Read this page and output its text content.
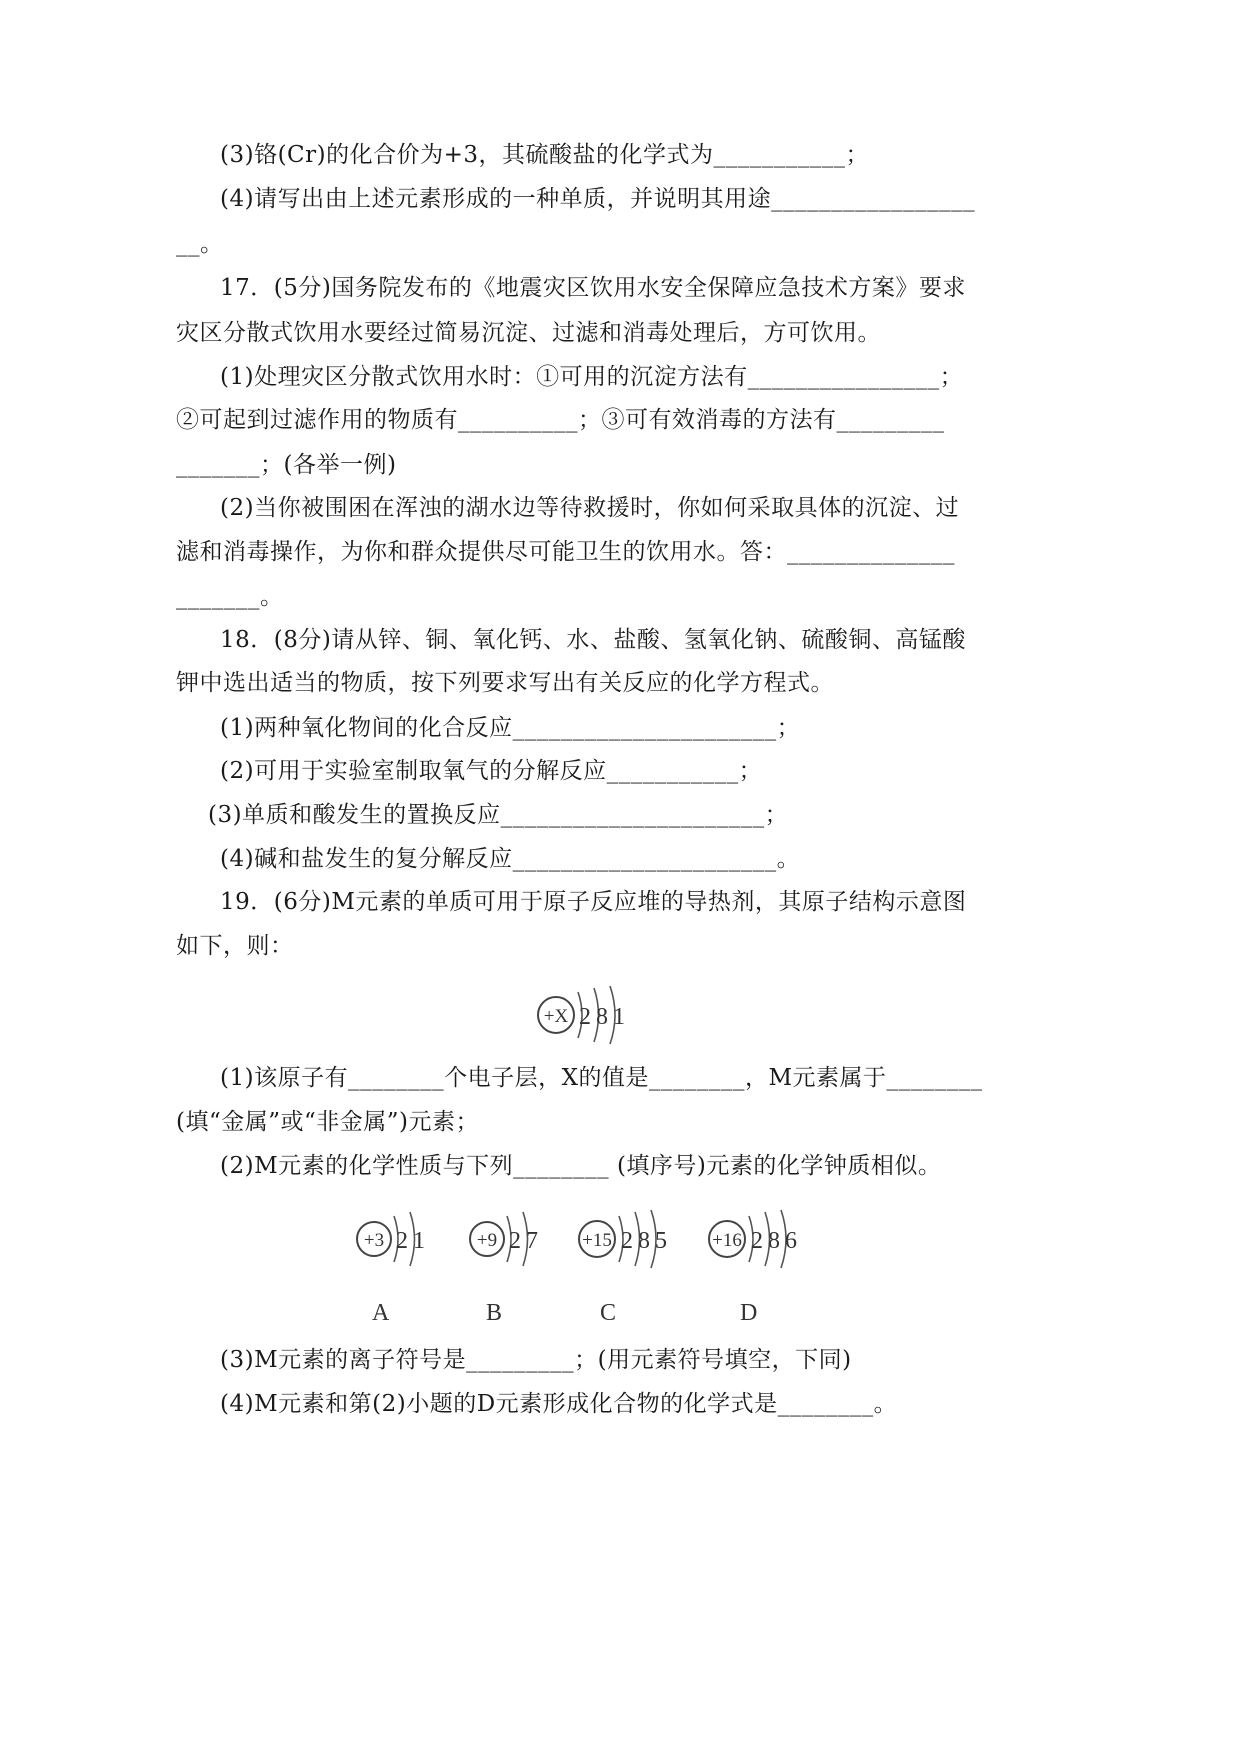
(3)铬(Cr)的化合价为+3，其硫酸盐的化学式为___________；
(4)请写出由上述元素形成的一种单质，并说明其用途_________________
__。
17．(5分)国务院发布的《地震灾区饮用水安全保障应急技术方案》要求
灾区分散式饮用水要经过简易沉淀、过滤和消毒处理后，方可饮用。
(1)处理灾区分散式饮用水时：①可用的沉淀方法有________________；
②可起到过滤作用的物质有__________；③可有效消毒的方法有_________
_______；(各举一例)
(2)当你被围困在浑浊的湖水边等待救援时，你如何采取具体的沉淀、过
滤和消毒操作，为你和群众提供尽可能卫生的饮用水。答：______________
_______。
18．(8分)请从锌、铜、氧化钙、水、盐酸、氢氧化钠、硫酸铜、高锰酸
钾中选出适当的物质，按下列要求写出有关反应的化学方程式。
(1)两种氧化物间的化合反应______________________；
(2)可用于实验室制取氧气的分解反应___________；
(3)单质和酸发生的置换反应______________________；
(4)碱和盐发生的复分解反应______________________。
19．(6分)M元素的单质可用于原子反应堆的导热剂，其原子结构示意图
如下，则：
+X 2 8 1
(1)该原子有________个电子层，X的值是________，M元素属于________
(填“金属”或“非金属”)元素；
(2)M元素的化学性质与下列________ (填序号)元素的化学钟质相似。
+3 2 1	+9 2 7 +15 2 8 5 +16 2 8 6
A	B	C	D
(3)M元素的离子符号是_________；(用元素符号填空，下同)
(4)M元素和第(2)小题的D元素形成化合物的化学式是________。
